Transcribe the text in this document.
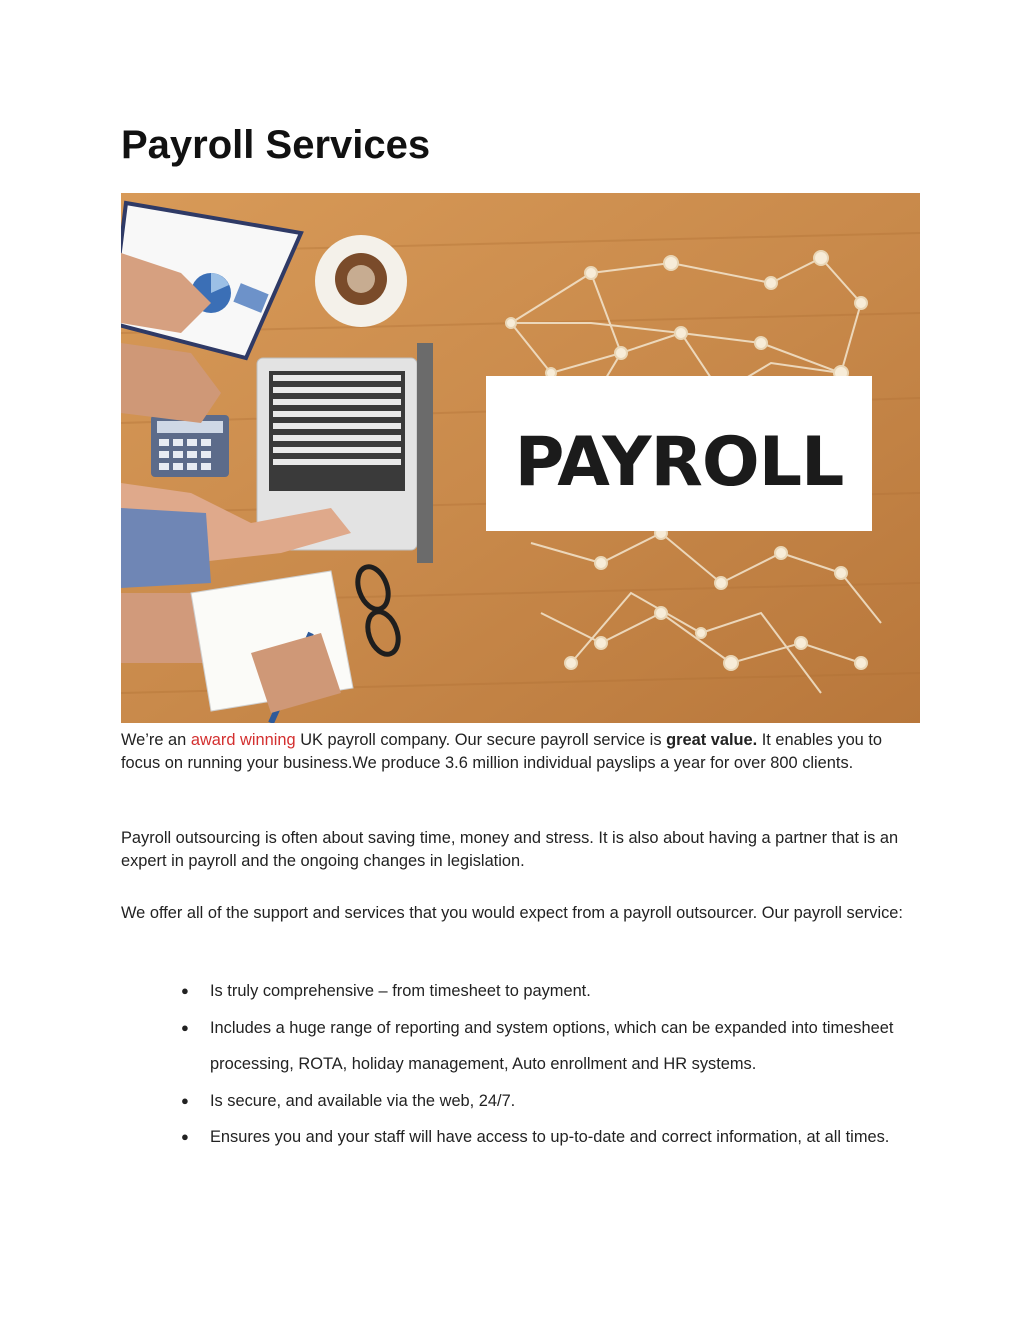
Payroll Services
PAYROLL

We’re an award winning UK payroll company. Our secure payroll service is great value. It enables you to focus on running your business.We produce 3.6 million individual payslips a year for over 800 clients.

Payroll outsourcing is often about saving time, money and stress. It is also about having a partner that is an expert in payroll and the ongoing changes in legislation.

We offer all of the support and services that you would expect from a payroll outsourcer. Our payroll service:

● Is truly comprehensive – from timesheet to payment.
● Includes a huge range of reporting and system options, which can be expanded into timesheet processing, ROTA, holiday management, Auto enrollment and HR systems.
● Is secure, and available via the web, 24/7.
● Ensures you and your staff will have access to up-to-date and correct information, at all times.
